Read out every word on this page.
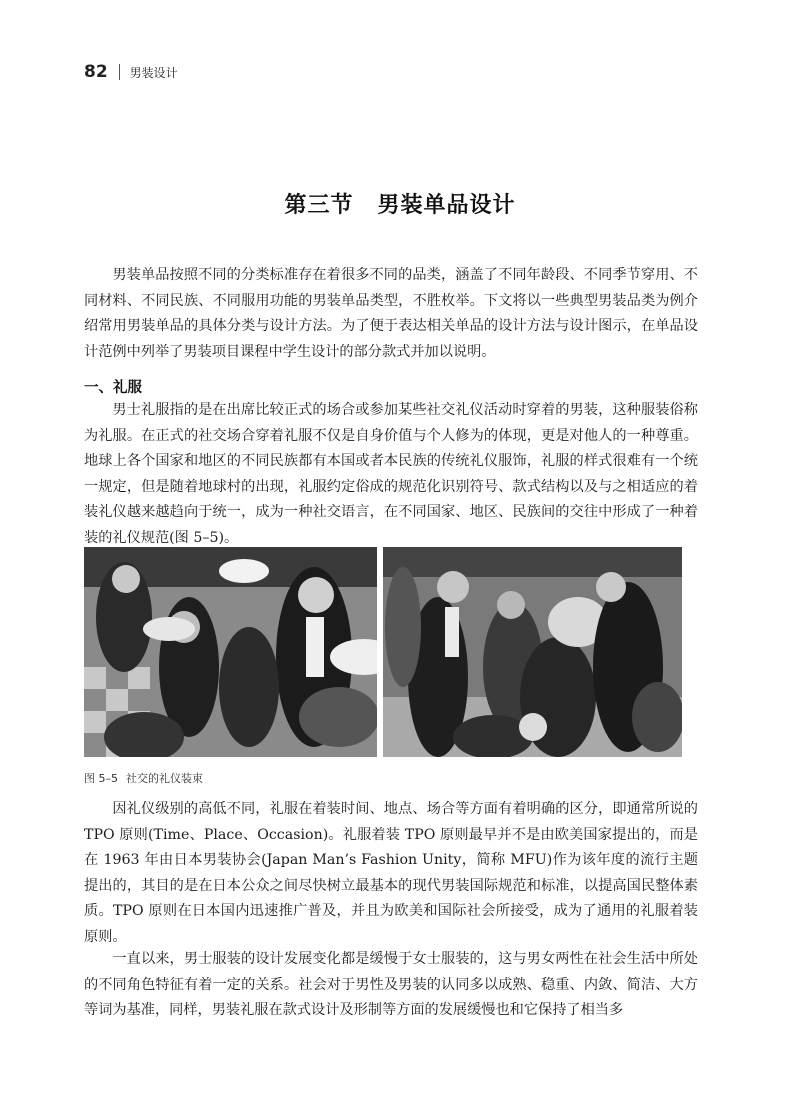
82 男装设计
第三节 男装单品设计

男装单品按照不同的分类标准存在着很多不同的品类，涵盖了不同年龄段、不同季节穿用、不同材料、不同民族、不同服用功能的男装单品类型，不胜枚举。下文将以一些典型男装品类为例介绍常用男装单品的具体分类与设计方法。为了便于表达相关单品的设计方法与设计图示，在单品设计范例中列举了男装项目课程中学生设计的部分款式并加以说明。

一、礼服

男士礼服指的是在出席比较正式的场合或参加某些社交礼仪活动时穿着的男装，这种服装俗称为礼服。在正式的社交场合穿着礼服不仅是自身价值与个人修为的体现，更是对他人的一种尊重。地球上各个国家和地区的不同民族都有本国或者本民族的传统礼仪服饰，礼服的样式很难有一个统一规定，但是随着地球村的出现，礼服约定俗成的规范化识别符号、款式结构以及与之相适应的着装礼仪越来越趋向于统一，成为一种社交语言，在不同国家、地区、民族间的交往中形成了一种着装的礼仪规范(图 5–5)。

图 5–5 社交的礼仪装束

因礼仪级别的高低不同，礼服在着装时间、地点、场合等方面有着明确的区分，即通常所说的 TPO 原则(Time、Place、Occasion)。礼服着装 TPO 原则最早并不是由欧美国家提出的，而是在 1963 年由日本男装协会(Japan Man’s Fashion Unity，简称 MFU)作为该年度的流行主题提出的，其目的是在日本公众之间尽快树立最基本的现代男装国际规范和标准，以提高国民整体素质。TPO 原则在日本国内迅速推广普及，并且为欧美和国际社会所接受，成为了通用的礼服着装原则。

一直以来，男士服装的设计发展变化都是缓慢于女士服装的，这与男女两性在社会生活中所处的不同角色特征有着一定的关系。社会对于男性及男装的认同多以成熟、稳重、内敛、简洁、大方等词为基准，同样，男装礼服在款式设计及形制等方面的发展缓慢也和它保持了相当多
